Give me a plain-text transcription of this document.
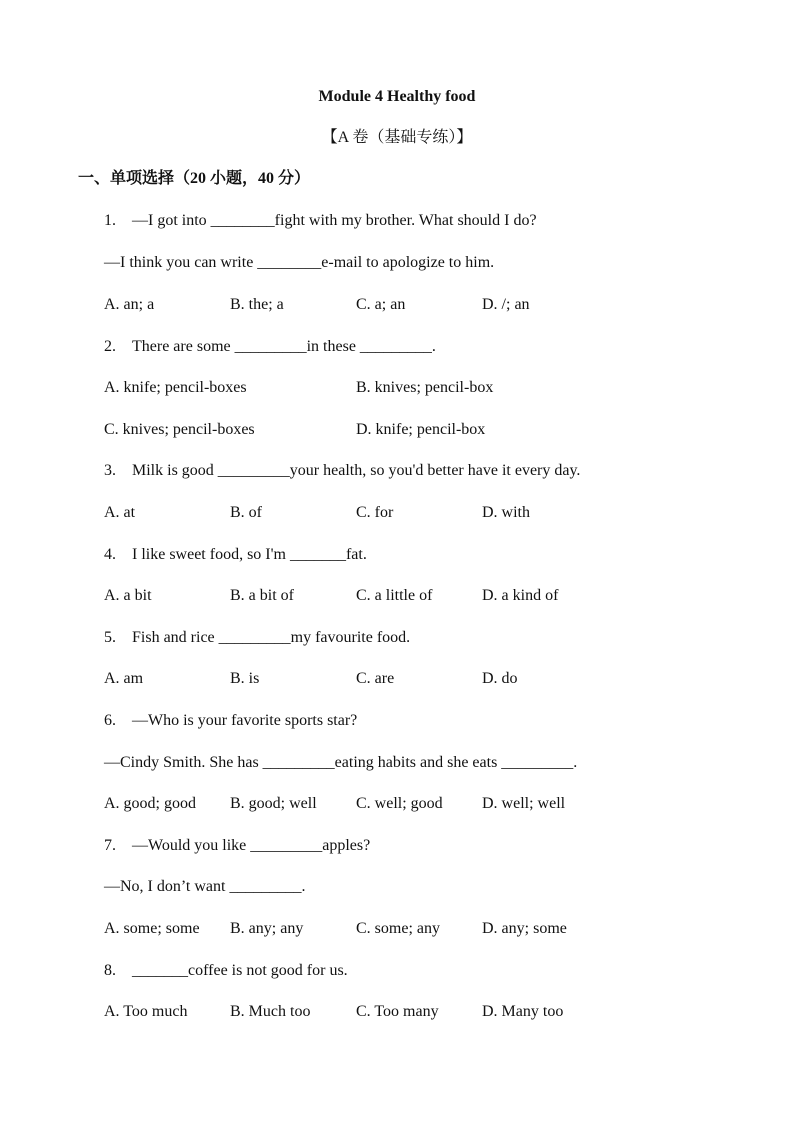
Module 4 Healthy food
【A 卷（基础专练）】
一、单项选择（20 小题，40 分）
1. —I got into ________fight with my brother. What should I do?
—I think you can write ________e-mail to apologize to him.
A. an; a	B. the; a	C. a; an	D. /; an
2. There are some _________in these _________.
A. knife; pencil-boxes	B. knives; pencil-box
C. knives; pencil-boxes	D. knife; pencil-box
3. Milk is good _________your health, so you'd better have it every day.
A. at	B. of	C. for	D. with
4. I like sweet food, so I'm _______fat.
A. a bit	B. a bit of	C. a little of	D. a kind of
5. Fish and rice _________my favourite food.
A. am	B. is	C. are	D. do
6. —Who is your favorite sports star?
—Cindy Smith. She has _________eating habits and she eats _________.
A. good; good B. good; well C. well; good D. well; well
7. —Would you like _________apples?
—No, I don’t want _________.
A. some; some B. any; any	C. some; any	D. any; some
8. _______coffee is not good for us.
A. Too much	B. Much too	C. Too many	D. Many too
